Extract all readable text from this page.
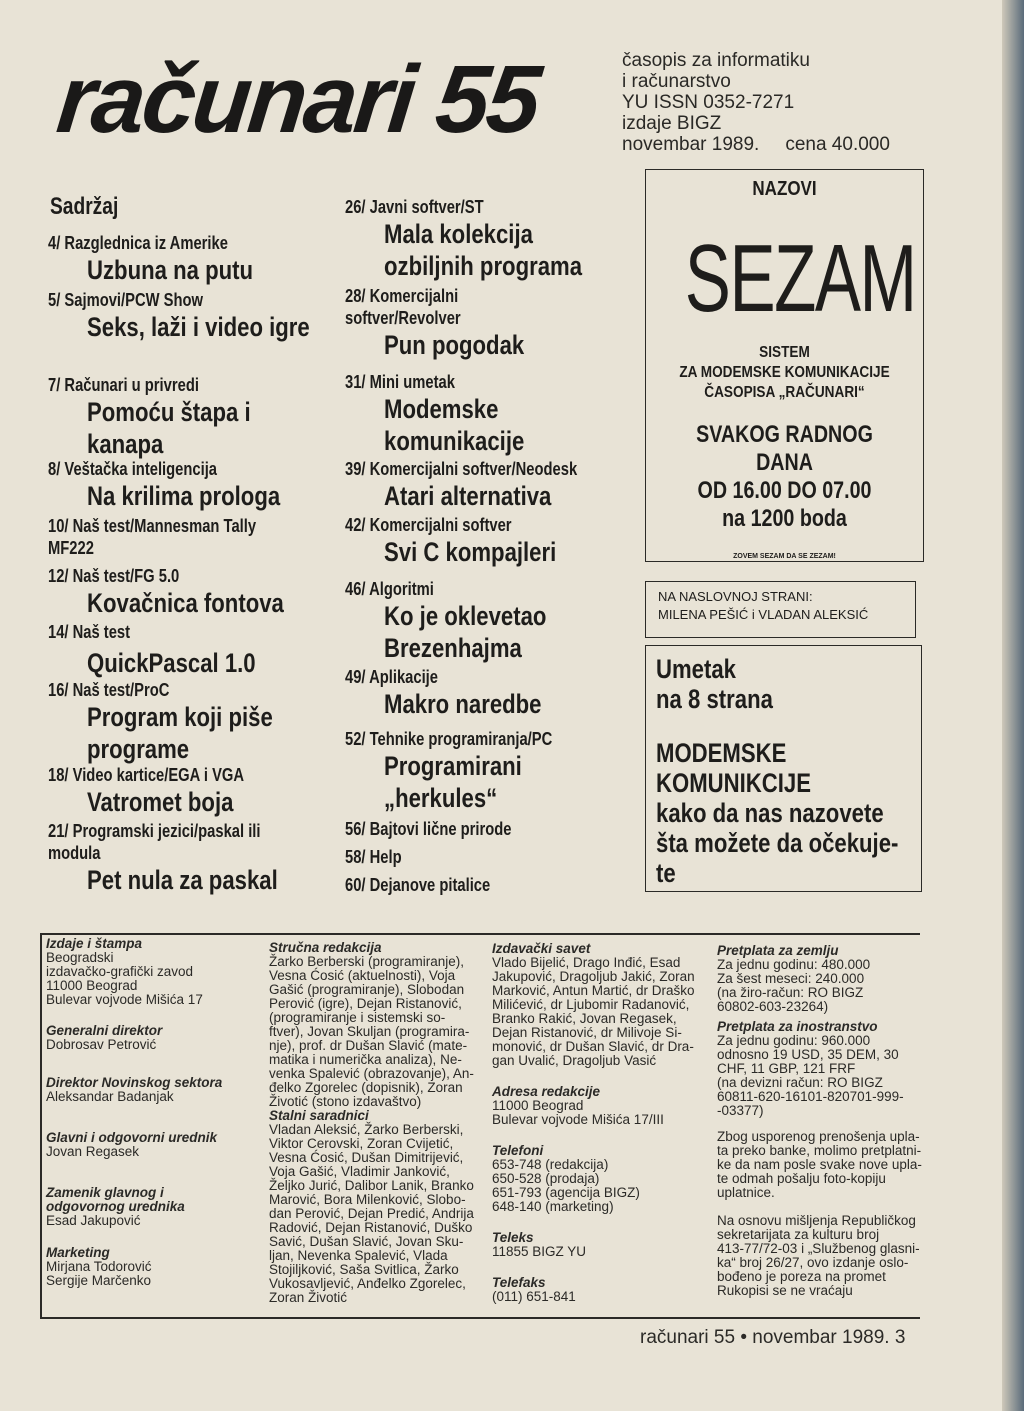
računari 55	časopis za informatiku
i računarstvo
YU ISSN 0352-7271
izdaje BIGZ
novembar 1989. cena 40.000
Sadržaj
4/ Razglednica iz Amerike
Uzbuna na putu
5/ Sajmovi/PCW Show
Seks, laži i video igre
7/ Računari u privredi
Pomoću štapa i kanapa
8/ Veštačka inteligencija
Na krilima prologa
10/ Naš test/Mannesman Tally MF222
12/ Naš test/FG 5.0
Kovačnica fontova
14/ Naš test
QuickPascal 1.0
16/ Naš test/ProC
Program koji piše programe
18/ Video kartice/EGA i VGA
Vatromet boja
21/ Programski jezici/paskal ili modula
Pet nula za paskal
26/ Javni softver/ST
Mala kolekcija ozbiljnih programa
28/ Komercijalni softver/Revolver
Pun pogodak
31/ Mini umetak
Modemske komunikacije
39/ Komercijalni softver/Neodesk
Atari alternativa
42/ Komercijalni softver
Svi C kompajleri
46/ Algoritmi
Ko je oklevetao Brezenhajma
49/ Aplikacije
Makro naredbe
52/ Tehnike programiranja/PC
Programirani „herkules“
56/ Bajtovi lične prirode
58/ Help
60/ Dejanove pitalice
NAZOVI
SEZAM
SISTEM
ZA MODEMSKE KOMUNIKACIJE
ČASOPISA „RAČUNARI“
SVAKOG RADNOG DANA
OD 16.00 DO 07.00
na 1200 boda
ZOVEM SEZAM DA SE ZEZAM!
NA NASLOVNOJ STRANI:
MILENA PEŠIĆ i VLADAN ALEKSIĆ
Umetak
na 8 strana
MODEMSKE
KOMUNIKCIJE
kako da nas nazovete
šta možete da očekuje-
te
Izdaje i štampa
Beogradski
izdavačko-grafički zavod
11000 Beograd
Bulevar vojvode Mišića 17
Generalni direktor
Dobrosav Petrović
Direktor Novinskog sektora
Aleksandar Badanjak
Glavni i odgovorni urednik
Jovan Regasek
Zamenik glavnog i odgovornog urednika
Esad Jakupović
Marketing
Mirjana Todorović
Sergije Marčenko
Stručna redakcija
Žarko Berberski (programiranje),
Vesna Ćosić (aktuelnosti), Voja
Gašić (programiranje), Slobodan
Perović (igre), Dejan Ristanović,
(programiranje i sistemski so-
ftver), Jovan Skuljan (programira-
nje), prof. dr Dušan Slavić (mate-
matika i numerička analiza), Ne-
venka Spalević (obrazovanje), An-
đelko Zgorelec (dopisnik), Zoran
Životić (stono izdavaštvo)
Stalni saradnici
Vladan Aleksić, Žarko Berberski,
Viktor Cerovski, Zoran Cvijetić,
Vesna Ćosić, Dušan Dimitrijević,
Voja Gašić, Vladimir Janković,
Željko Jurić, Dalibor Lanik, Branko
Marović, Bora Milenković, Slobo-
dan Perović, Dejan Predić, Andrija
Radović, Dejan Ristanović, Duško
Savić, Dušan Slavić, Jovan Sku-
ljan, Nevenka Spalević, Vlada
Stojiljković, Saša Svitlica, Žarko
Vukosavljević, Anđelko Zgorelec,
Zoran Životić
Izdavački savet
Vlado Bijelić, Drago Inđić, Esad
Jakupović, Dragoljub Jakić, Zoran
Marković, Antun Martić, dr Draško
Milićević, dr Ljubomir Radanović,
Branko Rakić, Jovan Regasek,
Dejan Ristanović, dr Milivoje Si-
monović, dr Dušan Slavić, dr Dra-
gan Uvalić, Dragoljub Vasić
Adresa redakcije
11000 Beograd
Bulevar vojvode Mišića 17/III
Telefoni
653-748 (redakcija)
650-528 (prodaja)
651-793 (agencija BIGZ)
648-140 (marketing)
Teleks
11855 BIGZ YU
Telefaks
(011) 651-841
Pretplata za zemlju
Za jednu godinu: 480.000
Za šest meseci: 240.000
(na žiro-račun: RO BIGZ
60802-603-23264)
Pretplata za inostranstvo
Za jednu godinu: 960.000
odnosno 19 USD, 35 DEM, 30
CHF, 11 GBP, 121 FRF
(na devizni račun: RO BIGZ
60811-620-16101-820701-999-
-03377)
Zbog usporenog prenošenja upla-
ta preko banke, molimo pretplatni-
ke da nam posle svake nove upla-
te odmah pošalju foto-kopiju
uplatnice.
Na osnovu mišljenja Republičkog
sekretarijata za kulturu broj
413-77/72-03 i „Službenog glasni-
ka“ broj 26/27, ovo izdanje oslo-
bođeno je poreza na promet
Rukopisi se ne vraćaju
računari 55 • novembar 1989. 3
